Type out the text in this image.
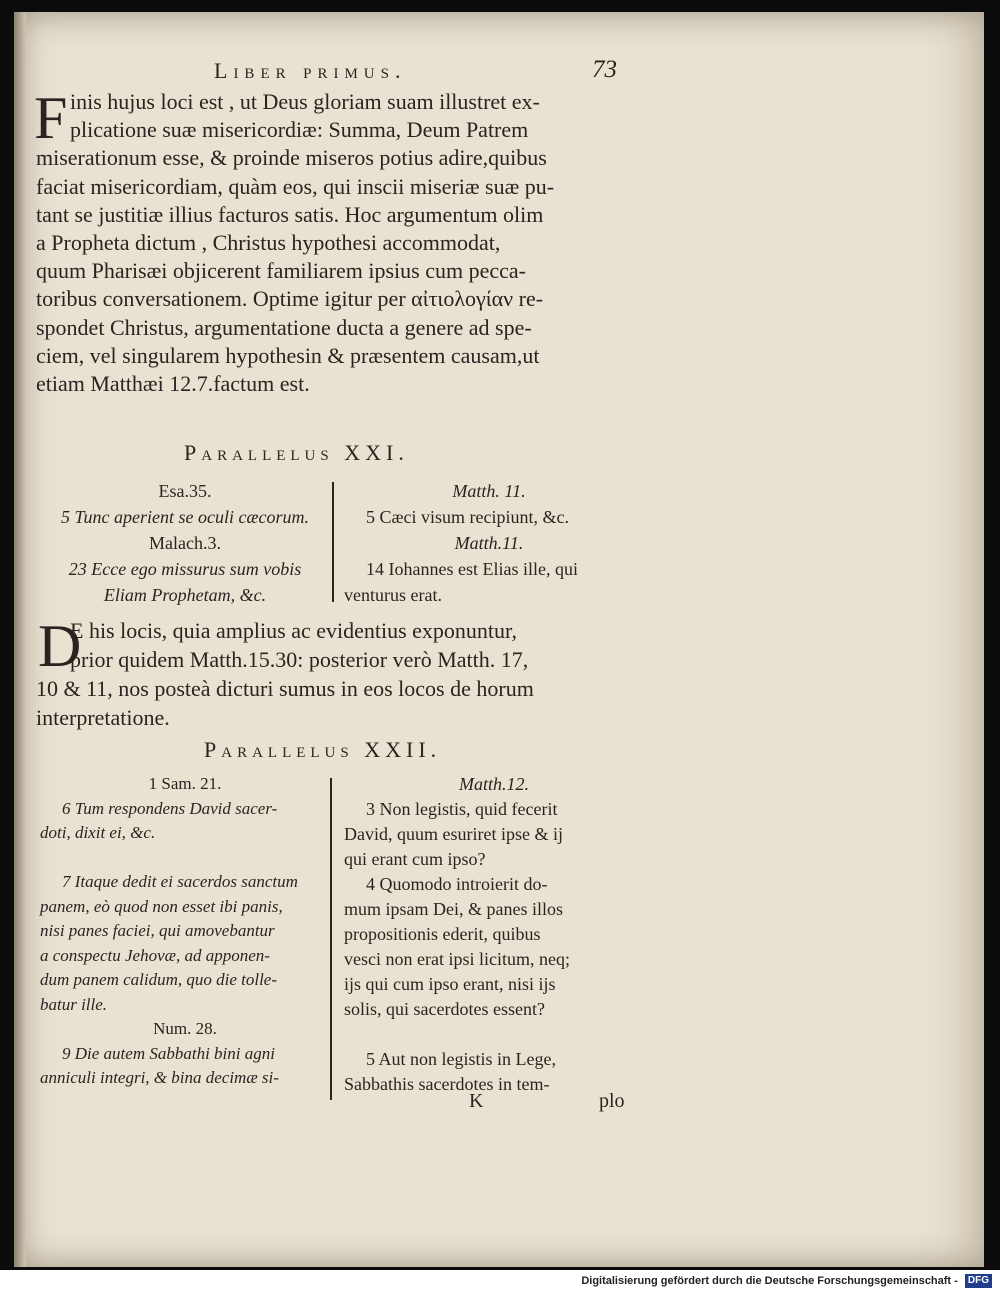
Liber primus.	73
F inis hujus loci est , ut Deus gloriam suam illustret ex-
plicatione suæ misericordiæ: Summa, Deum Patrem
miserationum esse, & proinde miseros potius adire,quibus
faciat misericordiam, quàm eos, qui inscii miseriæ suæ pu-
tant se justitiæ illius facturos satis. Hoc argumentum olim
a Propheta dictum , Christus hypothesi accommodat,
quum Pharisæi objicerent familiarem ipsius cum pecca-
toribus conversationem. Optime igitur per αἰτιολογίαν re-
spondet Christus, argumentatione ducta a genere ad spe-
ciem, vel singularem hypothesin & præsentem causam,ut
etiam Matthæi 12.7.factum est.
Parallelus XXI.
Esa.35.
5 Tunc aperient se oculi cæcorum.
Malach.3.
23 Ecce ego missurus sum vobis
Eliam Prophetam, &c.
Matth. 11.
5 Cæci visum recipiunt, &c.
Matth.11.
14 Iohannes est Elias ille, qui
venturus erat.
D
E his locis, quia amplius ac evidentius exponuntur,
prior quidem Matth.15.30: posterior verò Matth. 17,
10 & 11, nos posteà dicturi sumus in eos locos de horum
interpretatione.
Parallelus XXII.
1 Sam. 21.
6 Tum respondens David sacer-
doti, dixit ei, &c.

7 Itaque dedit ei sacerdos sanctum
panem, eò quod non esset ibi panis,
nisi panes faciei, qui amovebantur
a conspectu Jehovæ, ad apponen-
dum panem calidum, quo die tolle-
batur ille.
Num. 28.
9 Die autem Sabbathi bini agni
anniculi integri, & bina decimæ si-
Matth.12.
3 Non legistis, quid fecerit
David, quum esuriret ipse & ij
qui erant cum ipso?
4 Quomodo introierit do-
mum ipsam Dei, & panes illos
propositionis ederit, quibus
vesci non erat ipsi licitum, neq;
ijs qui cum ipso erant, nisi ijs
solis, qui sacerdotes essent?

5 Aut non legistis in Lege,
Sabbathis sacerdotes in tem-
K	plo
Digitalisierung gefördert durch die Deutsche Forschungsgemeinschaft - DFG
